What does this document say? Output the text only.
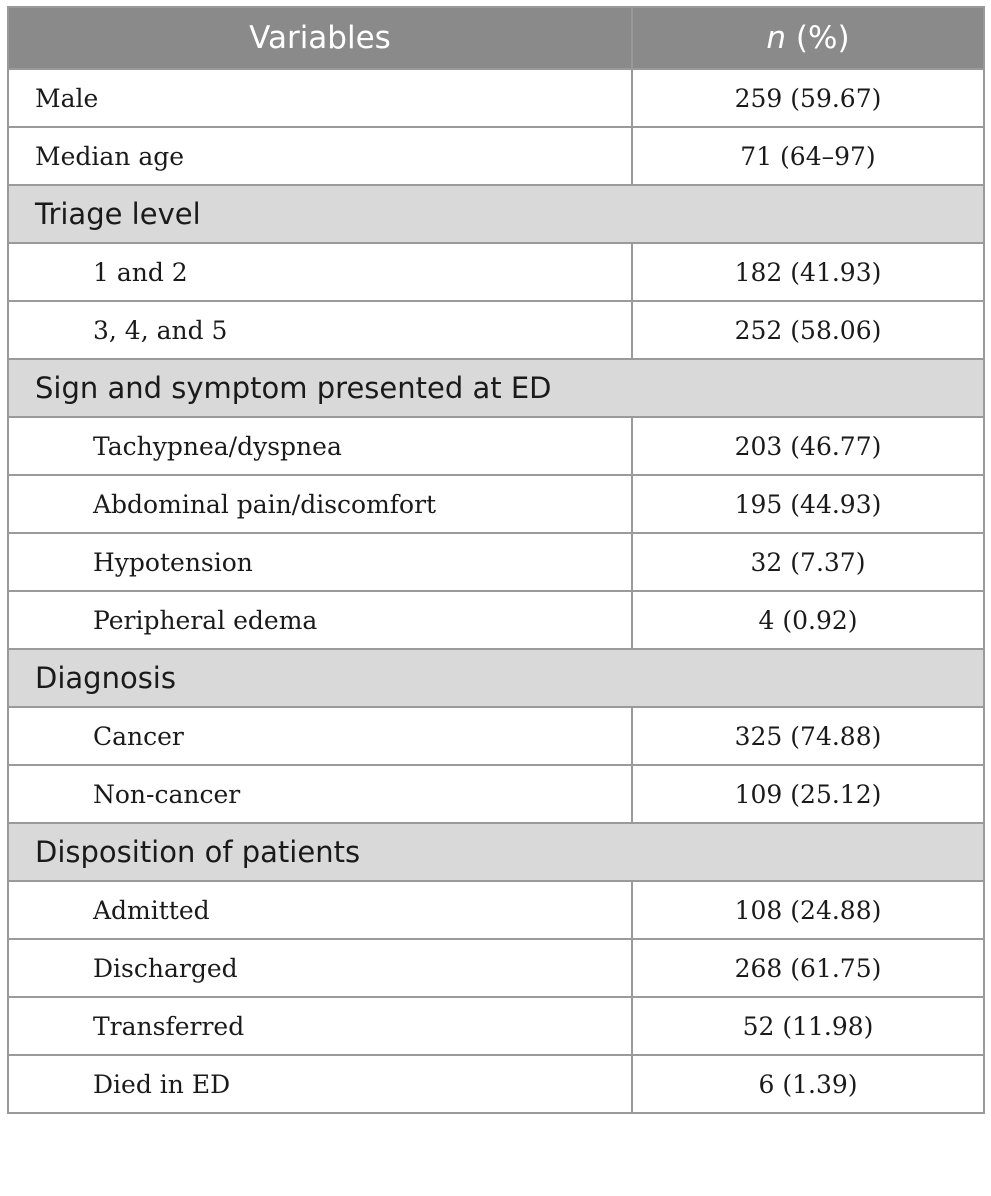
Variables	n (%)
Male	259 (59.67)
Median age	71 (64–97)
Triage level	
1 and 2	182 (41.93)
3, 4, and 5	252 (58.06)
Sign and symptom presented at ED	
Tachypnea/dyspnea	203 (46.77)
Abdominal pain/discomfort	195 (44.93)
Hypotension	32 (7.37)
Peripheral edema	4 (0.92)
Diagnosis	
Cancer	325 (74.88)
Non-cancer	109 (25.12)
Disposition of patients	
Admitted	108 (24.88)
Discharged	268 (61.75)
Transferred	52 (11.98)
Died in ED	6 (1.39)
